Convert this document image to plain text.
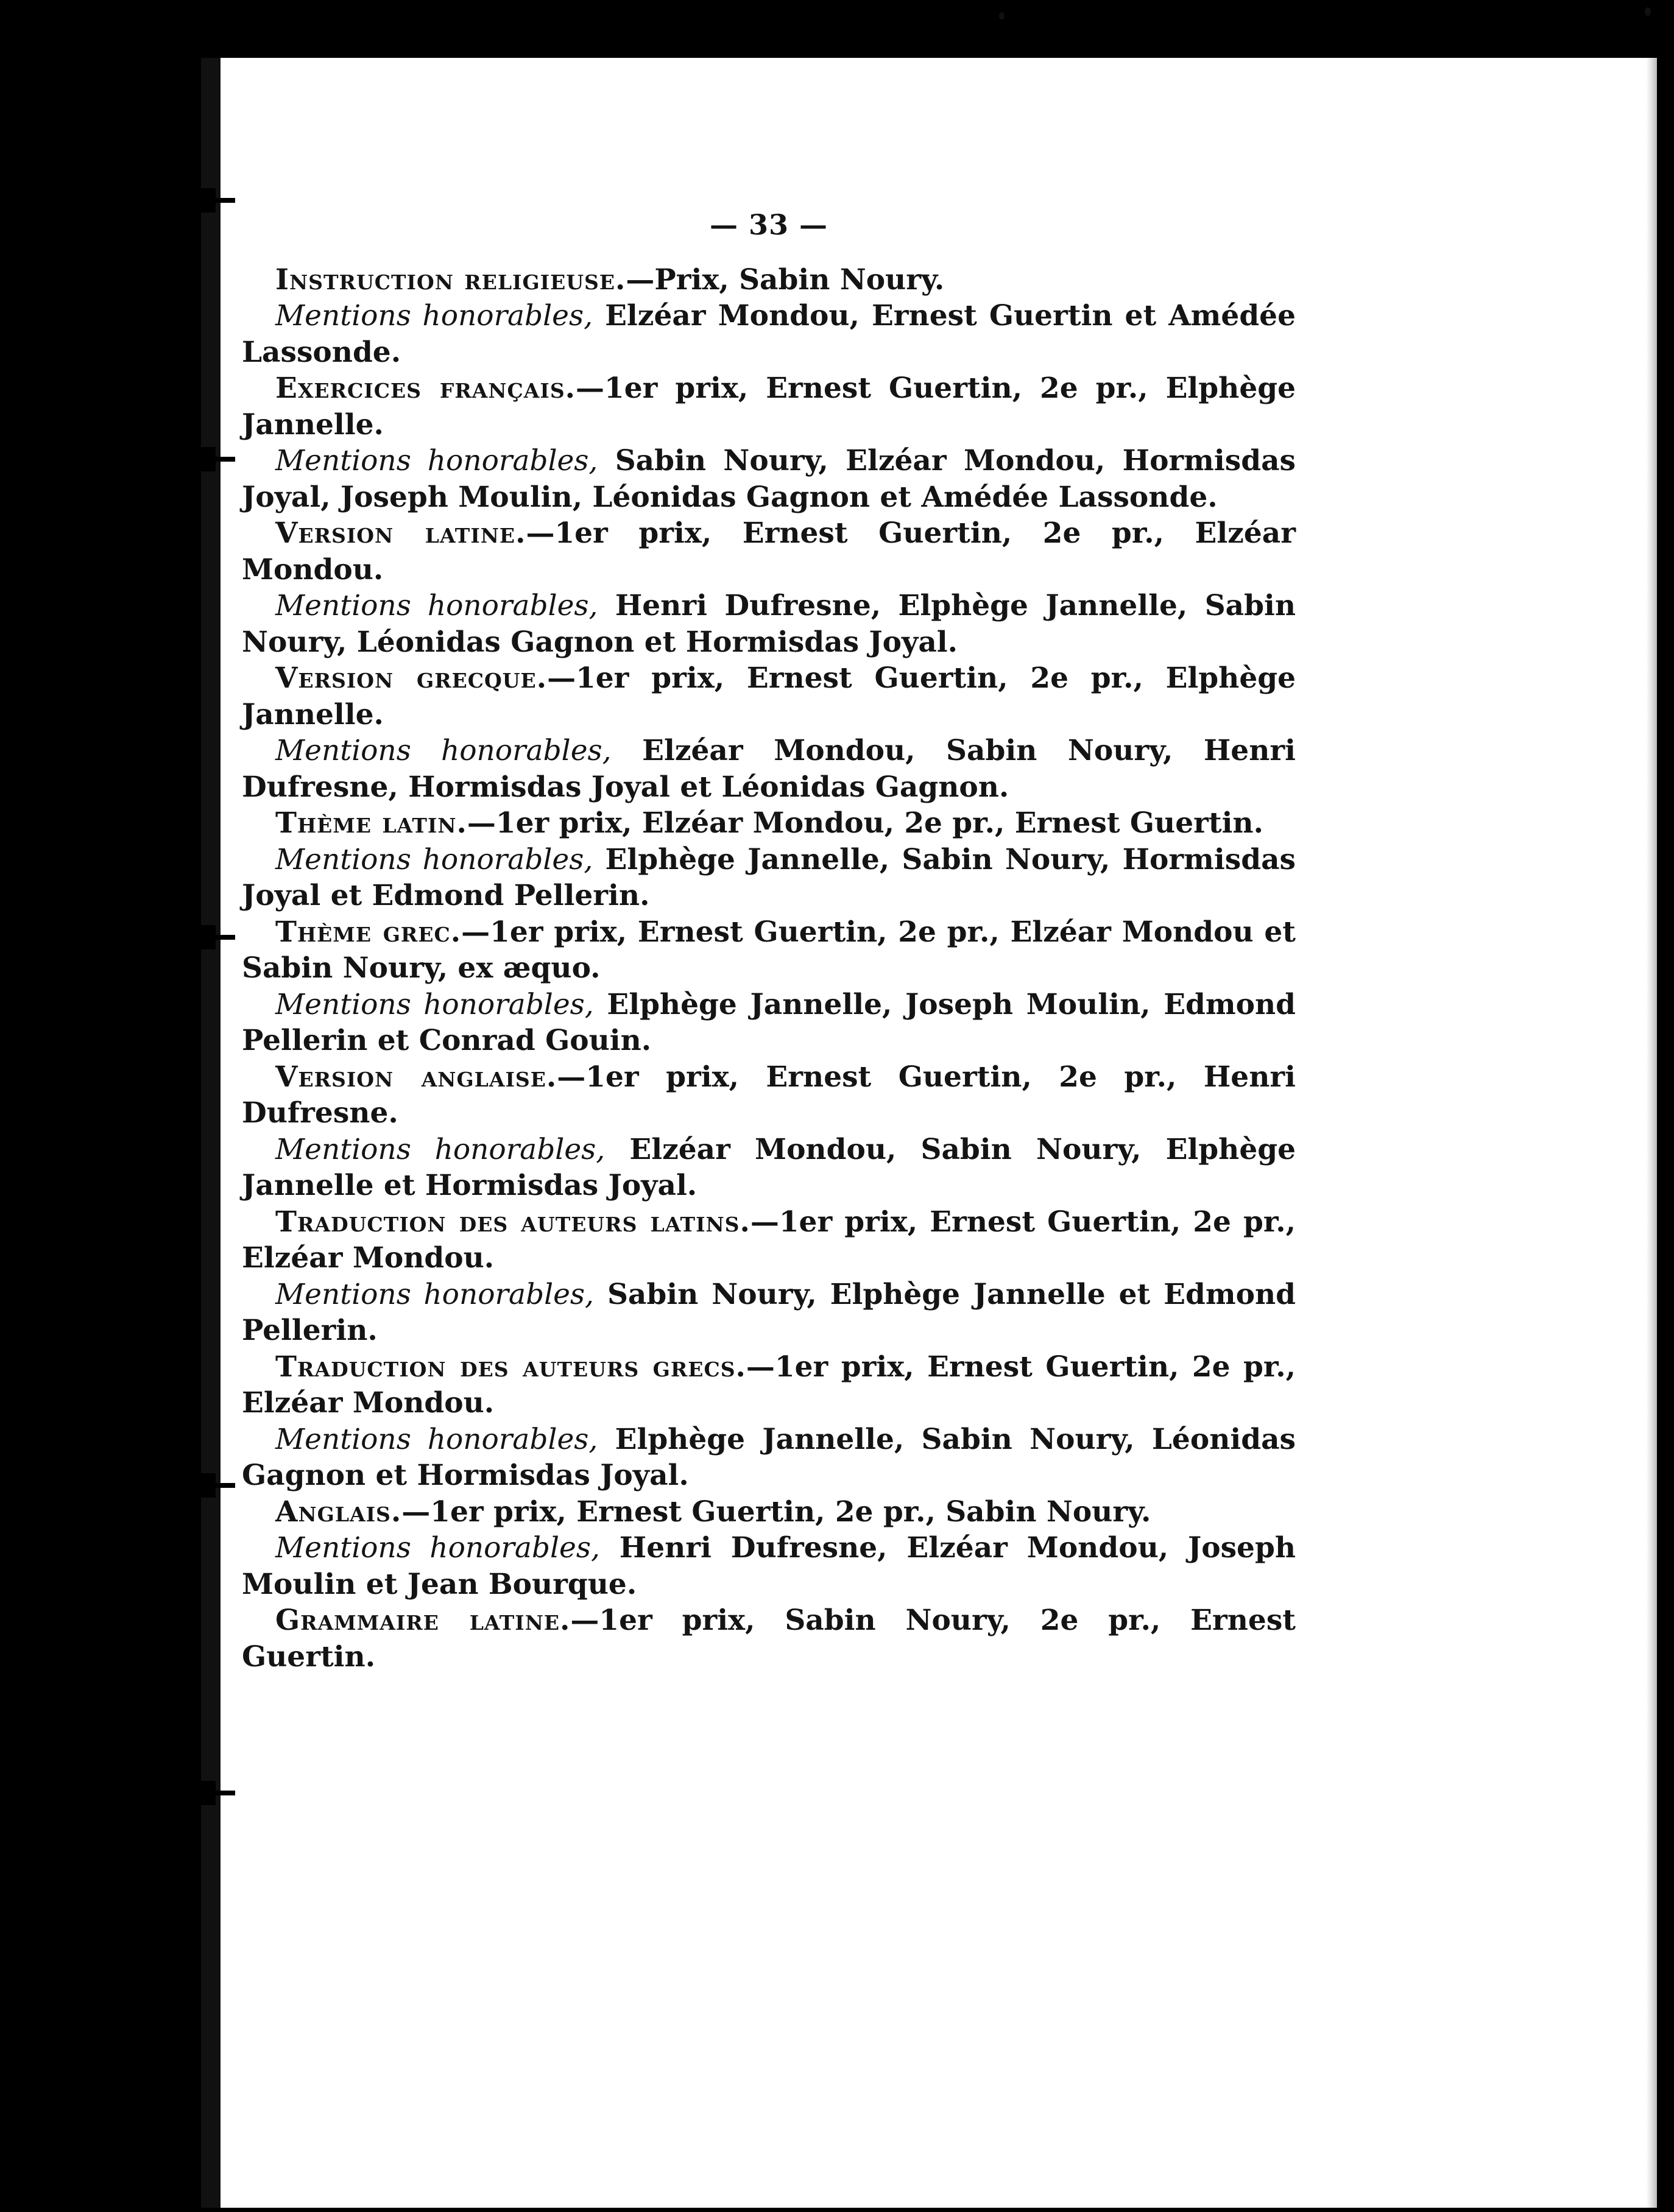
— 33 —

Instruction religieuse.—Prix, Sabin Noury.

Mentions honorables, Elzéar Mondou, Ernest Guertin et Amédée Lassonde.

Exercices français.—1er prix, Ernest Guertin, 2e pr., Elphège Jannelle.

Mentions honorables, Sabin Noury, Elzéar Mondou, Hormisdas Joyal, Joseph Moulin, Léonidas Gagnon et Amédée Lassonde.

Version latine.—1er prix, Ernest Guertin, 2e pr., Elzéar Mondou.

Mentions honorables, Henri Dufresne, Elphège Jannelle, Sabin Noury, Léonidas Gagnon et Hormisdas Joyal.

Version grecque.—1er prix, Ernest Guertin, 2e pr., Elphège Jannelle.

Mentions honorables, Elzéar Mondou, Sabin Noury, Henri Dufresne, Hormisdas Joyal et Léonidas Gagnon.

Thème latin.—1er prix, Elzéar Mondou, 2e pr., Ernest Guertin.

Mentions honorables, Elphège Jannelle, Sabin Noury, Hormisdas Joyal et Edmond Pellerin.

Thème grec.—1er prix, Ernest Guertin, 2e pr., Elzéar Mondou et Sabin Noury, ex æquo.

Mentions honorables, Elphège Jannelle, Joseph Moulin, Edmond Pellerin et Conrad Gouin.

Version anglaise.—1er prix, Ernest Guertin, 2e pr., Henri Dufresne.

Mentions honorables, Elzéar Mondou, Sabin Noury, Elphège Jannelle et Hormisdas Joyal.

Traduction des auteurs latins.—1er prix, Ernest Guertin, 2e pr., Elzéar Mondou.

Mentions honorables, Sabin Noury, Elphège Jannelle et Edmond Pellerin.

Traduction des auteurs grecs.—1er prix, Ernest Guertin, 2e pr., Elzéar Mondou.

Mentions honorables, Elphège Jannelle, Sabin Noury, Léonidas Gagnon et Hormisdas Joyal.

Anglais.—1er prix, Ernest Guertin, 2e pr., Sabin Noury.

Mentions honorables, Henri Dufresne, Elzéar Mondou, Joseph Moulin et Jean Bourque.

Grammaire latine.—1er prix, Sabin Noury, 2e pr., Ernest Guertin.
